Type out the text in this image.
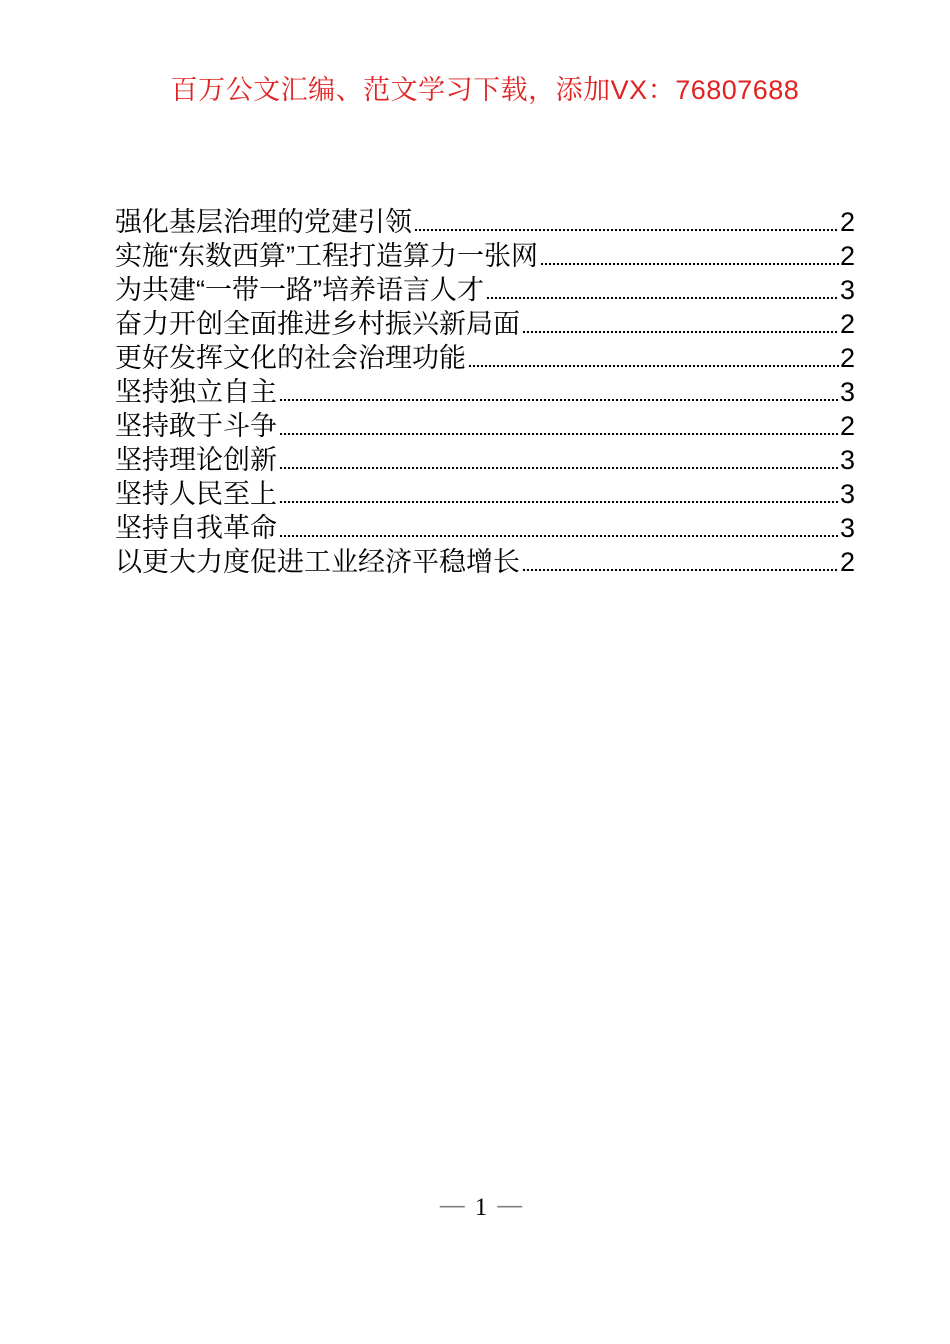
百万公文汇编、范文学习下载，添加VX：76807688
强化基层治理的党建引领	2
实施“东数西算”工程打造算力一张网	2
为共建“一带一路”培养语言人才	3
奋力开创全面推进乡村振兴新局面	2
更好发挥文化的社会治理功能	2
坚持独立自主	3
坚持敢于斗争	2
坚持理论创新	3
坚持人民至上	3
坚持自我革命	3
以更大力度促进工业经济平稳增长	2
— 1 —
